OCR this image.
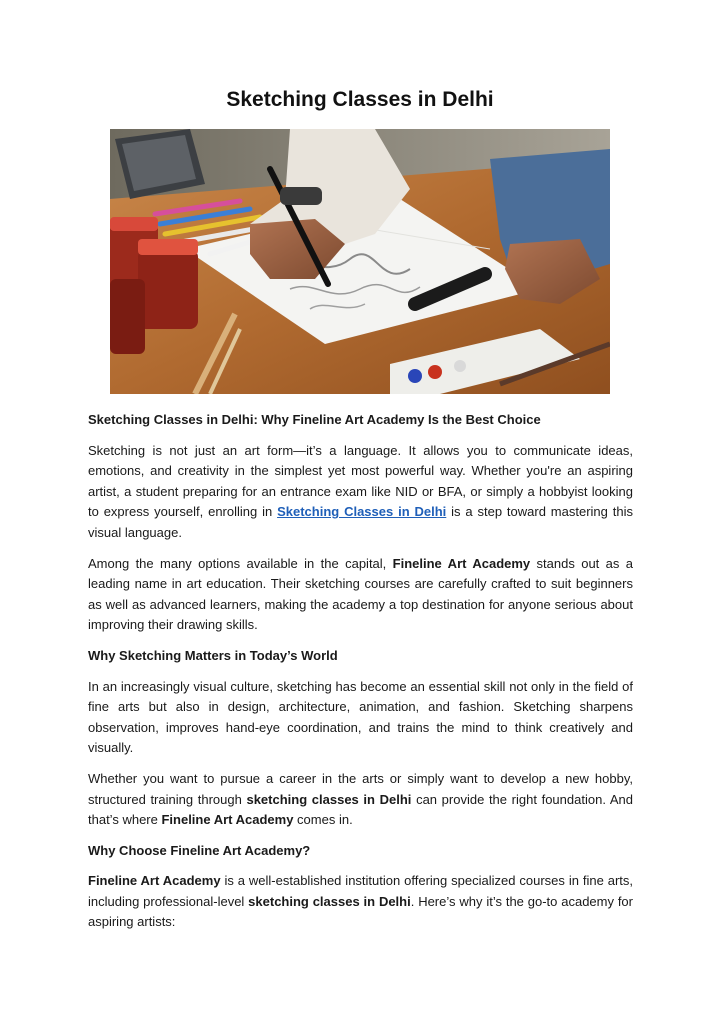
Sketching Classes in Delhi
Sketching Classes in Delhi: Why Fineline Art Academy Is the Best Choice

Sketching is not just an art form—it’s a language. It allows you to communicate ideas, emotions, and creativity in the simplest yet most powerful way. Whether you're an aspiring artist, a student preparing for an entrance exam like NID or BFA, or simply a hobbyist looking to express yourself, enrolling in Sketching Classes in Delhi is a step toward mastering this visual language.

Among the many options available in the capital, Fineline Art Academy stands out as a leading name in art education. Their sketching courses are carefully crafted to suit beginners as well as advanced learners, making the academy a top destination for anyone serious about improving their drawing skills.

Why Sketching Matters in Today’s World

In an increasingly visual culture, sketching has become an essential skill not only in the field of fine arts but also in design, architecture, animation, and fashion. Sketching sharpens observation, improves hand-eye coordination, and trains the mind to think creatively and visually.

Whether you want to pursue a career in the arts or simply want to develop a new hobby, structured training through sketching classes in Delhi can provide the right foundation. And that’s where Fineline Art Academy comes in.

Why Choose Fineline Art Academy?

Fineline Art Academy is a well-established institution offering specialized courses in fine arts, including professional-level sketching classes in Delhi. Here’s why it’s the go-to academy for aspiring artists:
